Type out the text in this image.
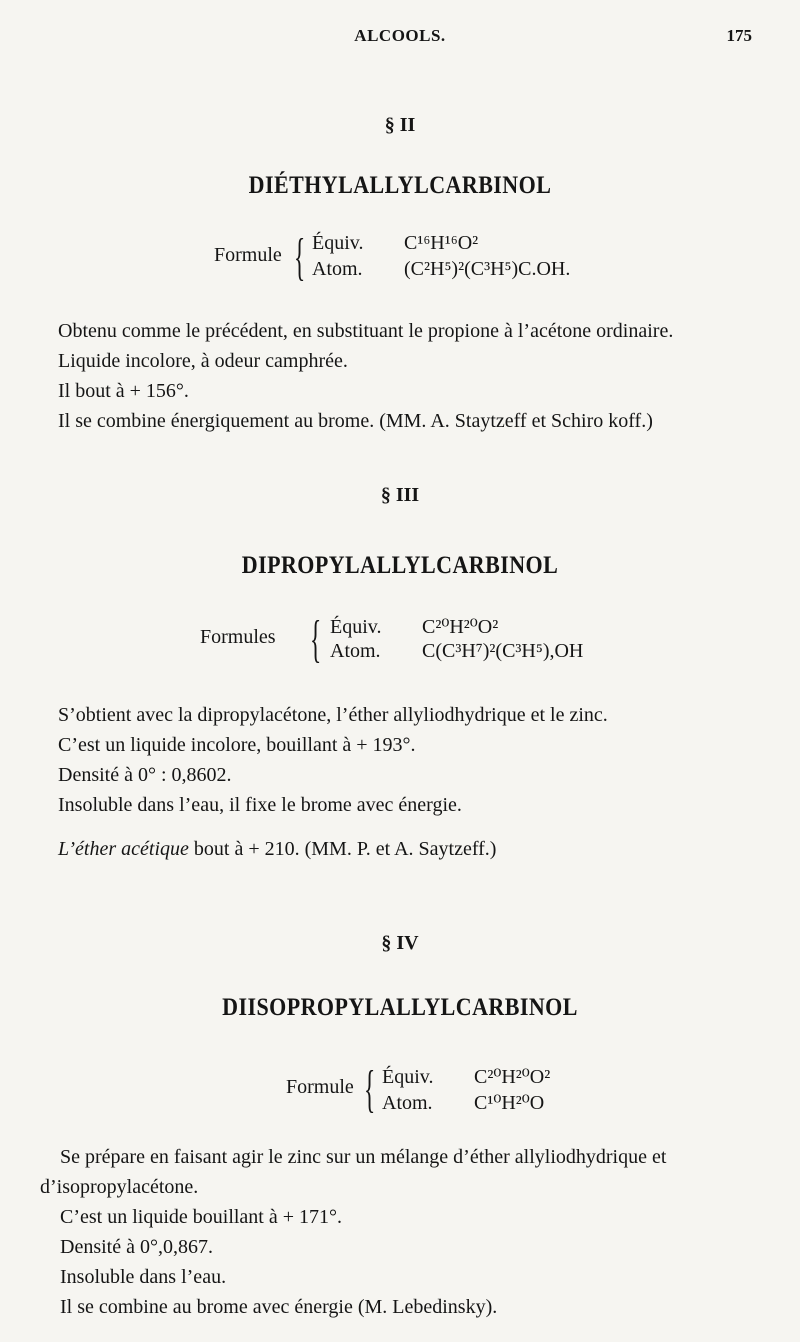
ALCOOLS.	175
§ II
DIÉTHYLALLYLCARBINOL
Formule { Équiv. C¹⁶H¹⁶O²
Atom. (C²H⁵)²(C³H⁵)C.OH.

Obtenu comme le précédent, en substituant le propione à l’acétone ordinaire.

Liquide incolore, à odeur camphrée.

Il bout à + 156°.

Il se combine énergiquement au brome. (MM. A. Staytzeff et Schiro koff.)

§ III
DIPROPYLALLYLCARBINOL
Formules { Équiv. C²⁰H²⁰O²
Atom. C(C³H⁷)²(C³H⁵),OH

S’obtient avec la dipropylacétone, l’éther allyliodhydrique et le zinc.

C’est un liquide incolore, bouillant à + 193°.

Densité à 0° : 0,8602.

Insoluble dans l’eau, il fixe le brome avec énergie.

L’éther acétique bout à + 210. (MM. P. et A. Saytzeff.)

§ IV
DIISOPROPYLALLYLCARBINOL
Formule { Équiv. C²⁰H²⁰O²
Atom. C¹⁰H²⁰O

Se prépare en faisant agir le zinc sur un mélange d’éther allyliodhydrique et d’isopropylacétone.

C’est un liquide bouillant à + 171°.

Densité à 0°,0,867.

Insoluble dans l’eau.

Il se combine au brome avec énergie (M. Lebedinsky).
